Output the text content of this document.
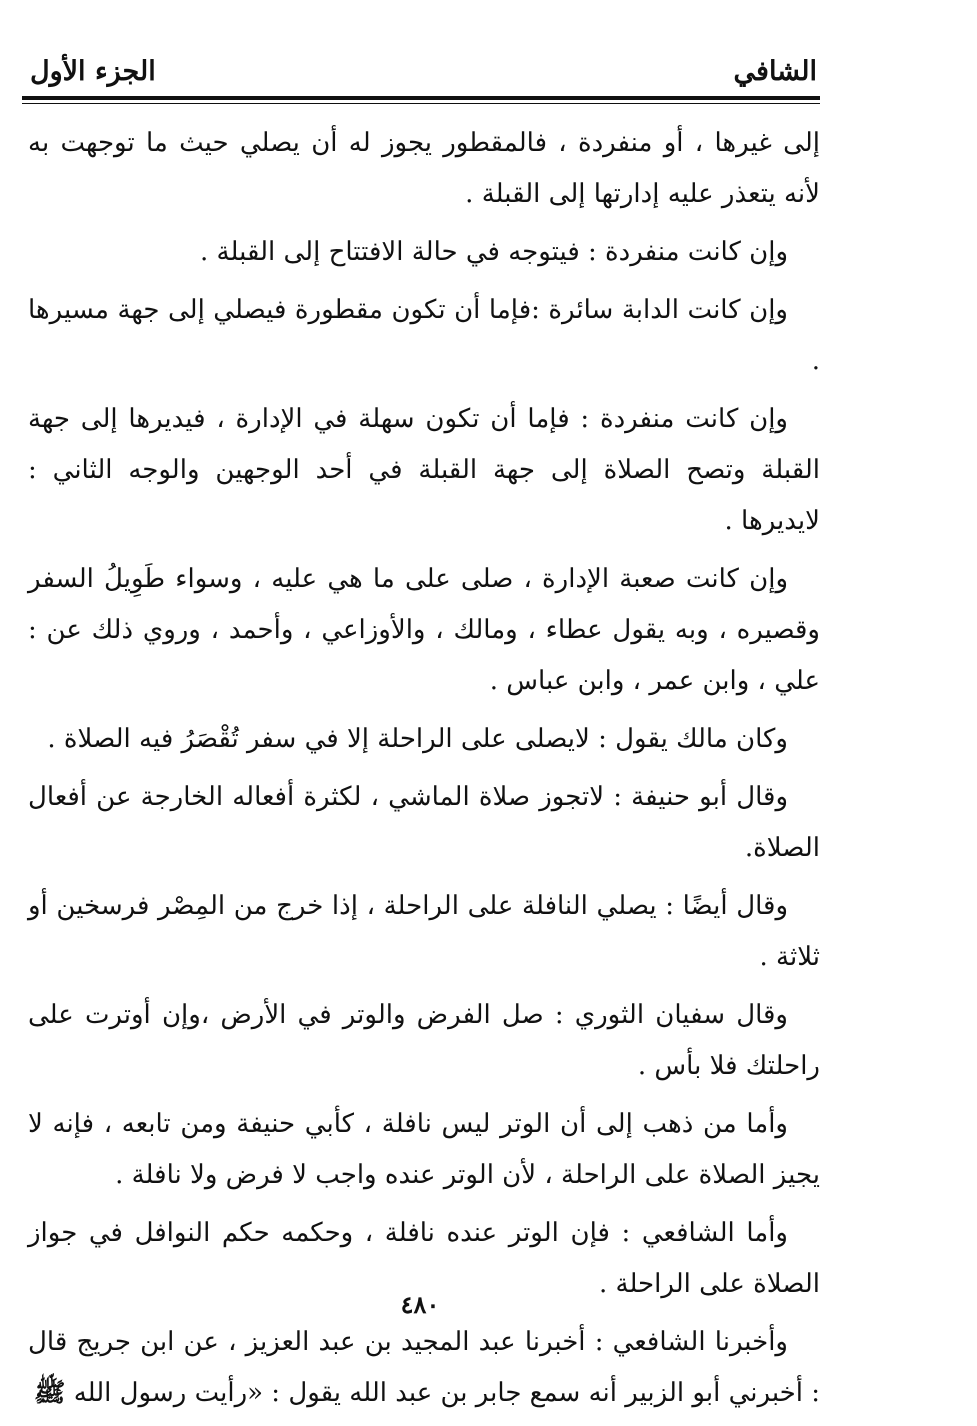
الشافي
الجزء الأول

إلى غيرها ، أو منفردة ، فالمقطور يجوز له أن يصلي حيث ما توجهت به لأنه يتعذر عليه إدارتها إلى القبلة .

وإن كانت منفردة : فيتوجه في حالة الافتتاح إلى القبلة .

وإن كانت الدابة سائرة :فإما أن تكون مقطورة فيصلي إلى جهة مسيرها .

وإن كانت منفردة : فإما أن تكون سهلة في الإدارة ، فيديرها إلى جهة القبلة وتصح الصلاة إلى جهة القبلة في أحد الوجهين والوجه الثاني : لايديرها .

وإن كانت صعبة الإدارة ، صلى على ما هي عليه ، وسواء طَوِيلُ السفر وقصيره ، وبه يقول عطاء ، ومالك ، والأوزاعي ، وأحمد ، وروي ذلك عن : علي ، وابن عمر ، وابن عباس .

وكان مالك يقول : لايصلى على الراحلة إلا في سفر تُقْصَرُ فيه الصلاة .

وقال أبو حنيفة : لاتجوز صلاة الماشي ، لكثرة أفعاله الخارجة عن أفعال الصلاة.

وقال أيضًا : يصلي النافلة على الراحلة ، إذا خرج من المِصْر فرسخين أو ثلاثة .

وقال سفيان الثوري : صل الفرض والوتر في الأرض ،وإن أوترت على راحلتك فلا بأس .

وأما من ذهب إلى أن الوتر ليس نافلة ، كأبي حنيفة ومن تابعه ، فإنه لا يجيز الصلاة على الراحلة ، لأن الوتر عنده واجب لا فرض ولا نافلة .

وأما الشافعي : فإن الوتر عنده نافلة ، وحكمه حكم النوافل في جواز الصلاة على الراحلة .

وأخبرنا الشافعي : أخبرنا عبد المجيد بن عبد العزيز ، عن ابن جريج قال : أخبرني أبو الزبير أنه سمع جابر بن عبد الله يقول : «رأيت رسول الله ﷺ

٤٨٠
